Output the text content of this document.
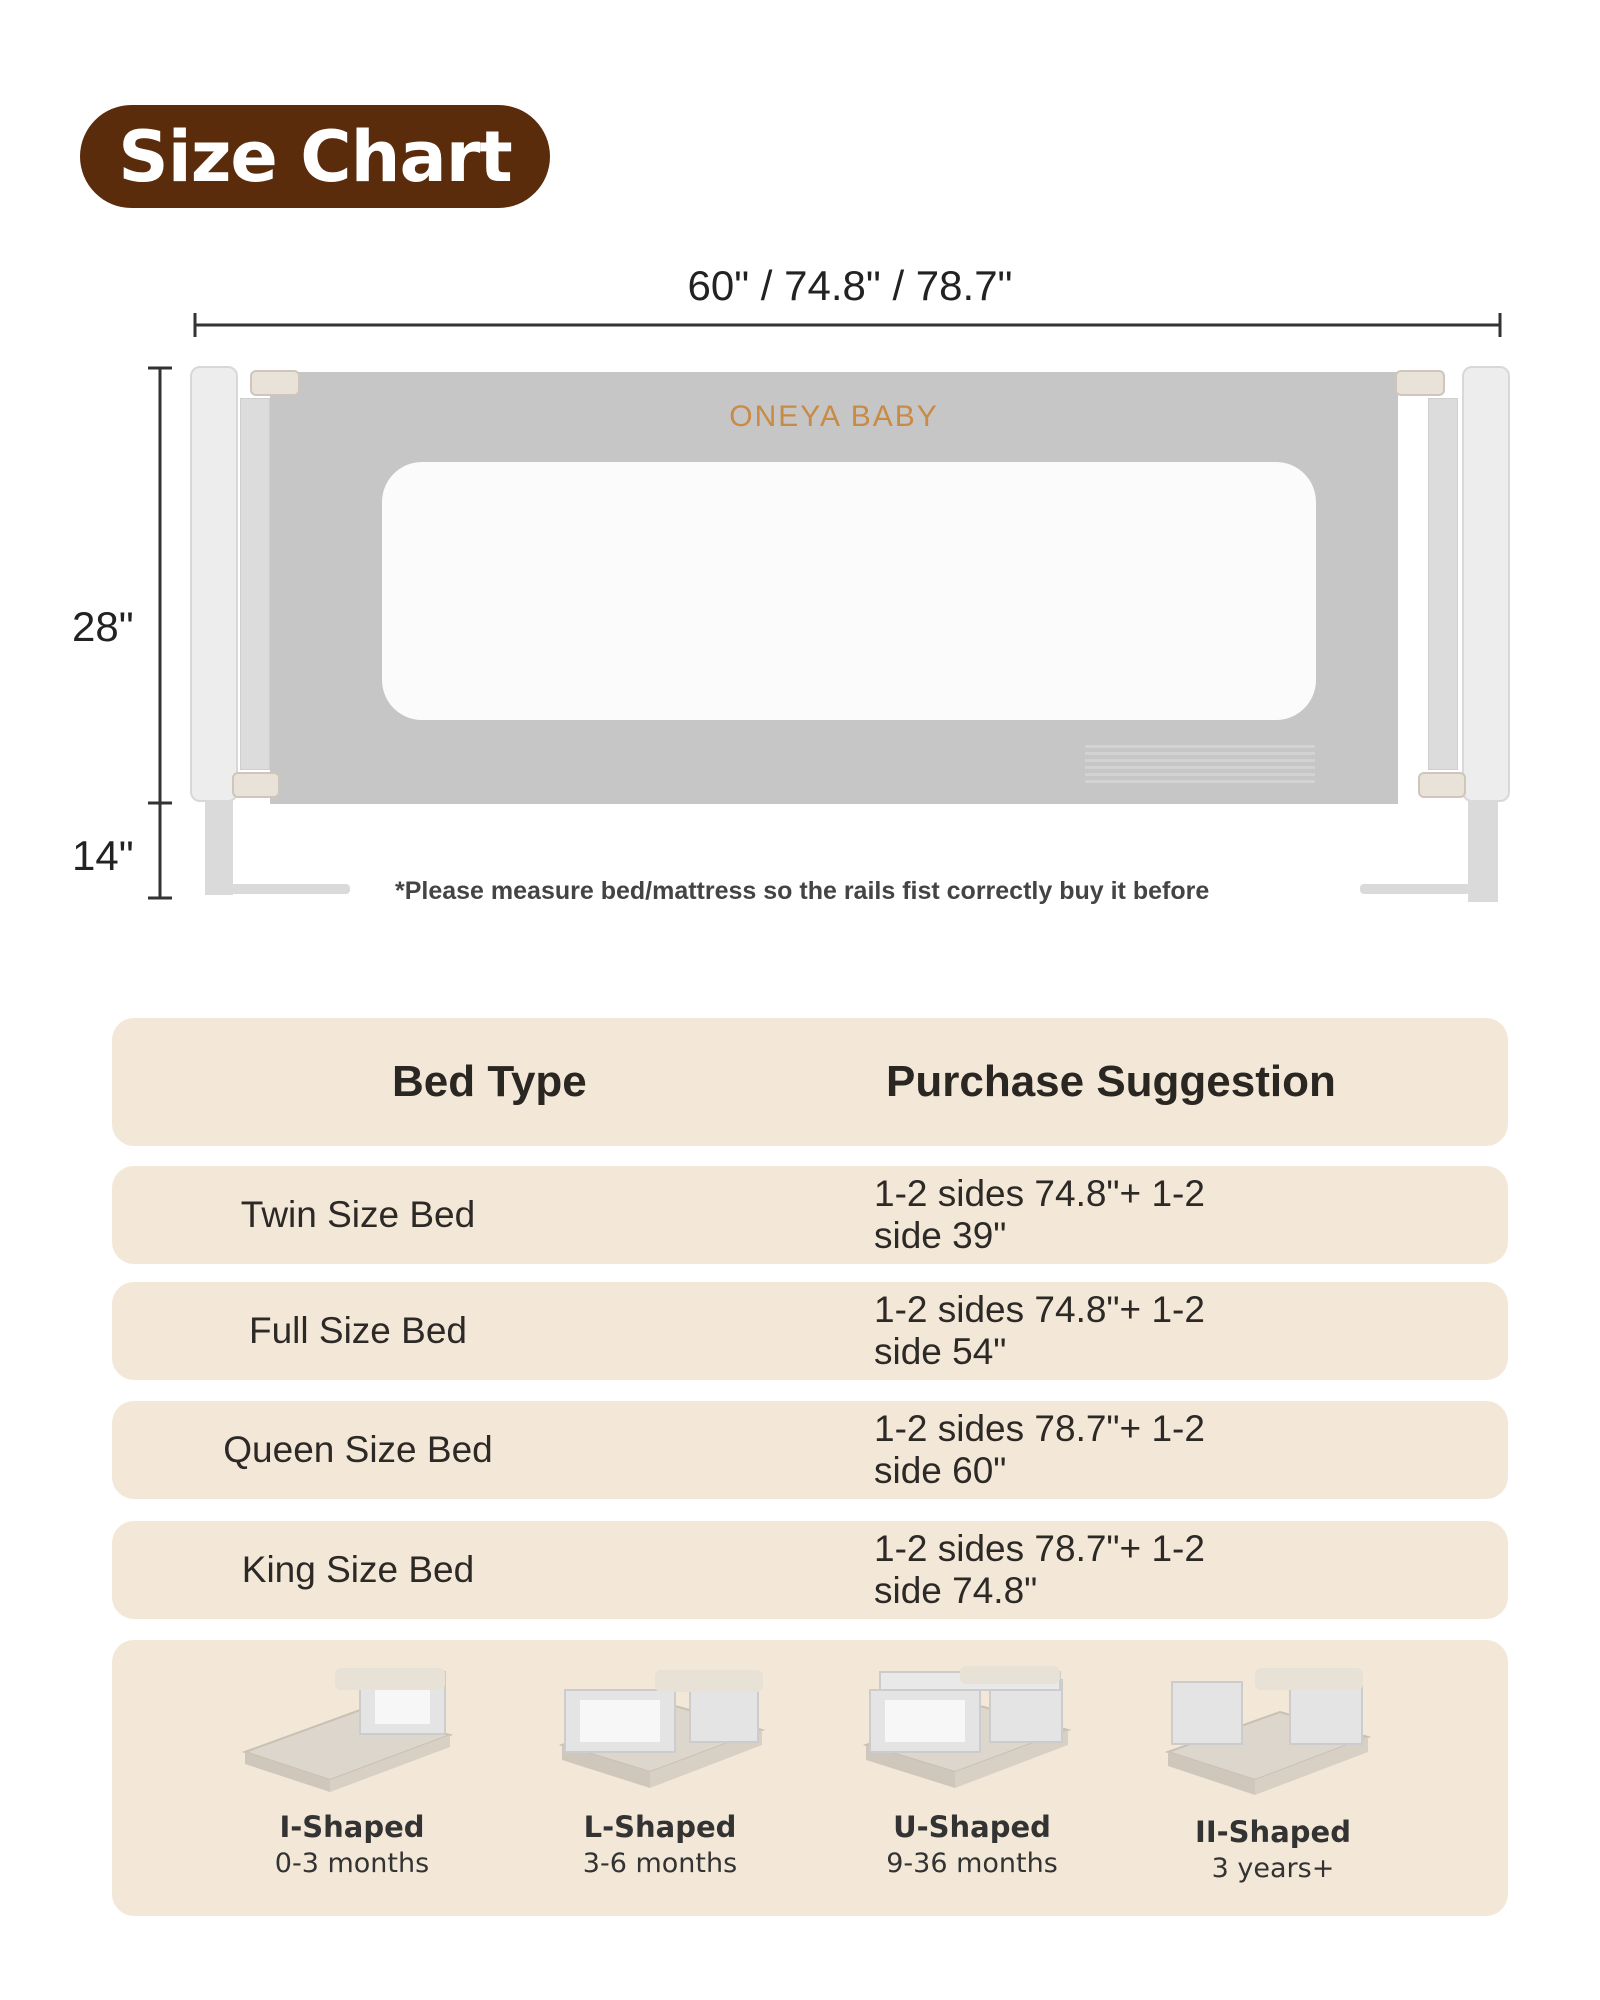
Size Chart
60" / 74.8" / 78.7"
28"
14"
ONEYA BABY
*Please measure bed/mattress so the rails fist correctly buy it before
Bed Type	Purchase Suggestion
Twin Size Bed
1-2 sides 74.8"+ 1-2 side 39"
Full Size Bed
1-2 sides 74.8"+ 1-2 side 54"
Queen Size Bed
1-2 sides 78.7"+ 1-2 side 60"
King Size Bed
1-2 sides 78.7"+ 1-2 side 74.8"
I-Shaped
0-3 months
L-Shaped
3-6 months
U-Shaped
9-36 months
II-Shaped
3 years+
